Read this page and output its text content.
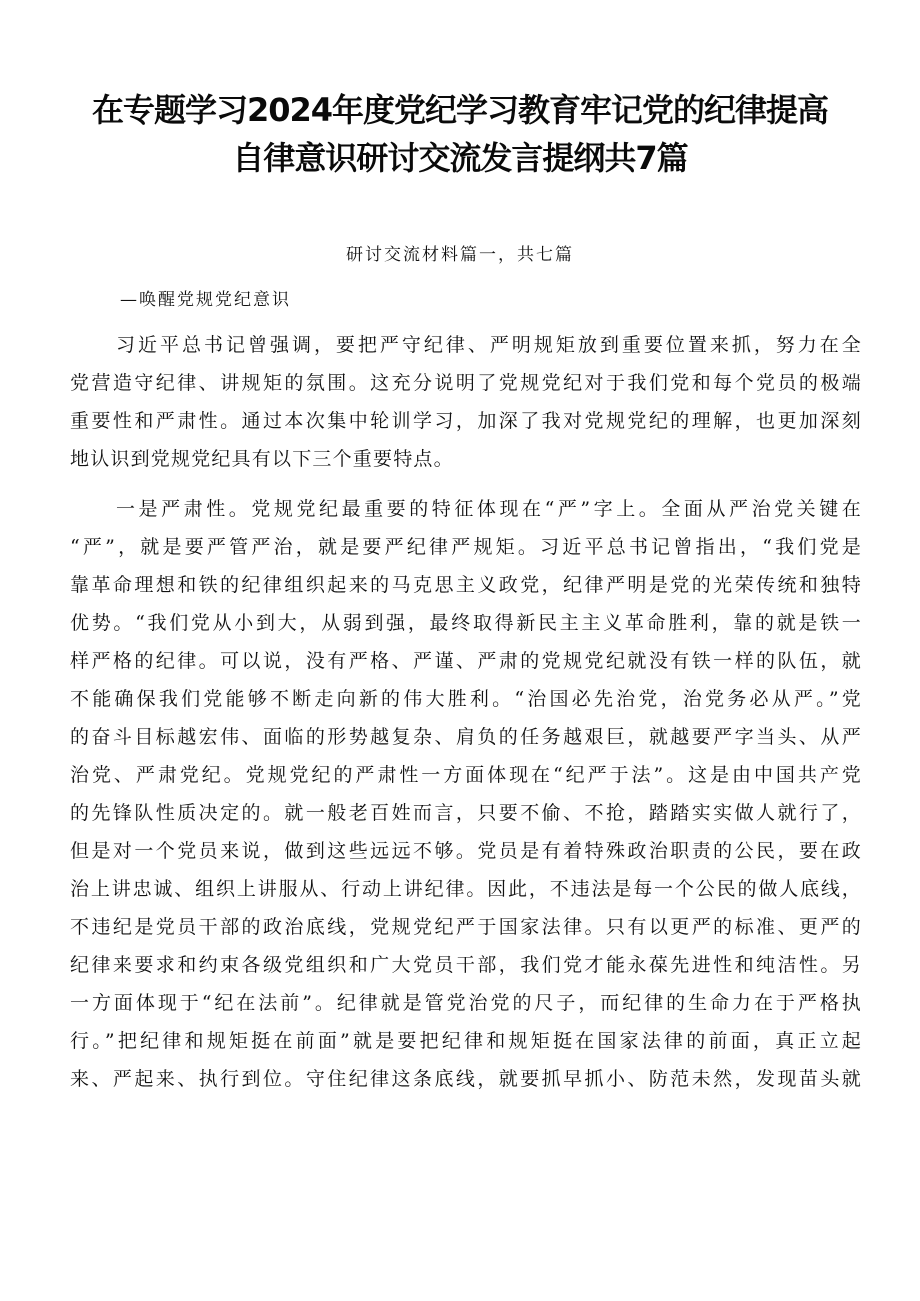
在专题学习2024年度党纪学习教育牢记党的纪律提高
自律意识研讨交流发言提纲共7篇
研讨交流材料篇一，共七篇
—唤醒党规党纪意识
习近平总书记曾强调，要把严守纪律、严明规矩放到重要位置来抓，努力在全
党营造守纪律、讲规矩的氛围。这充分说明了党规党纪对于我们党和每个党员的极端
重要性和严肃性。通过本次集中轮训学习，加深了我对党规党纪的理解，也更加深刻
地认识到党规党纪具有以下三个重要特点。
一是严肃性。党规党纪最重要的特征体现在“严”字上。全面从严治党关键在
“严”，就是要严管严治，就是要严纪律严规矩。习近平总书记曾指出，“我们党是
靠革命理想和铁的纪律组织起来的马克思主义政党，纪律严明是党的光荣传统和独特
优势。“我们党从小到大，从弱到强，最终取得新民主主义革命胜利，靠的就是铁一
样严格的纪律。可以说，没有严格、严谨、严肃的党规党纪就没有铁一样的队伍，就
不能确保我们党能够不断走向新的伟大胜利。“治国必先治党，治党务必从严。”党
的奋斗目标越宏伟、面临的形势越复杂、肩负的任务越艰巨，就越要严字当头、从严
治党、严肃党纪。党规党纪的严肃性一方面体现在“纪严于法”。这是由中国共产党
的先锋队性质决定的。就一般老百姓而言，只要不偷、不抢，踏踏实实做人就行了，
但是对一个党员来说，做到这些远远不够。党员是有着特殊政治职责的公民，要在政
治上讲忠诚、组织上讲服从、行动上讲纪律。因此，不违法是每一个公民的做人底线，
不违纪是党员干部的政治底线，党规党纪严于国家法律。只有以更严的标准、更严的
纪律来要求和约束各级党组织和广大党员干部，我们党才能永葆先进性和纯洁性。另
一方面体现于“纪在法前”。纪律就是管党治党的尺子，而纪律的生命力在于严格执
行。”把纪律和规矩挺在前面”就是要把纪律和规矩挺在国家法律的前面，真正立起
来、严起来、执行到位。守住纪律这条底线，就要抓早抓小、防范未然，发现苗头就
